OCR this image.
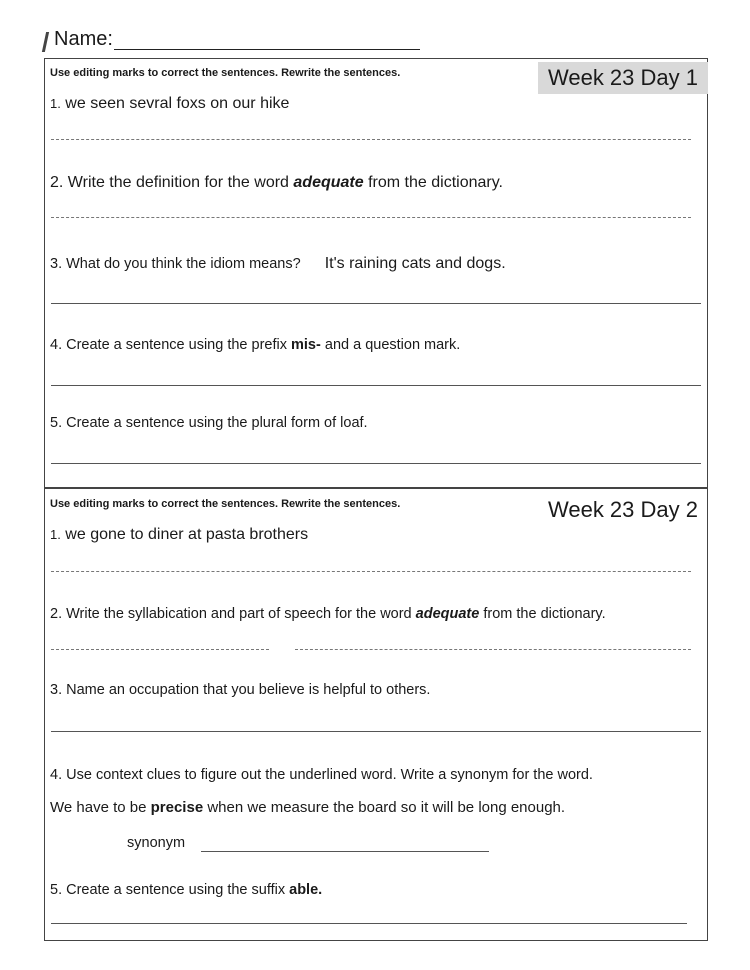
Name:
Week 23 Day 1
Use editing marks to correct the sentences. Rewrite the sentences.
1. we seen sevral foxs on our hike
2. Write the definition for the word adequate from the dictionary.
3. What do you think the idiom means? It's raining cats and dogs.
4. Create a sentence using the prefix mis- and a question mark.
5. Create a sentence using the plural form of loaf.
Week 23 Day 2
Use editing marks to correct the sentences. Rewrite the sentences.
1. we gone to diner at pasta brothers
2. Write the syllabication and part of speech for the word adequate from the dictionary.
3. Name an occupation that you believe is helpful to others.
4. Use context clues to figure out the underlined word. Write a synonym for the word.
We have to be precise when we measure the board so it will be long enough.
synonym
5. Create a sentence using the suffix able.
